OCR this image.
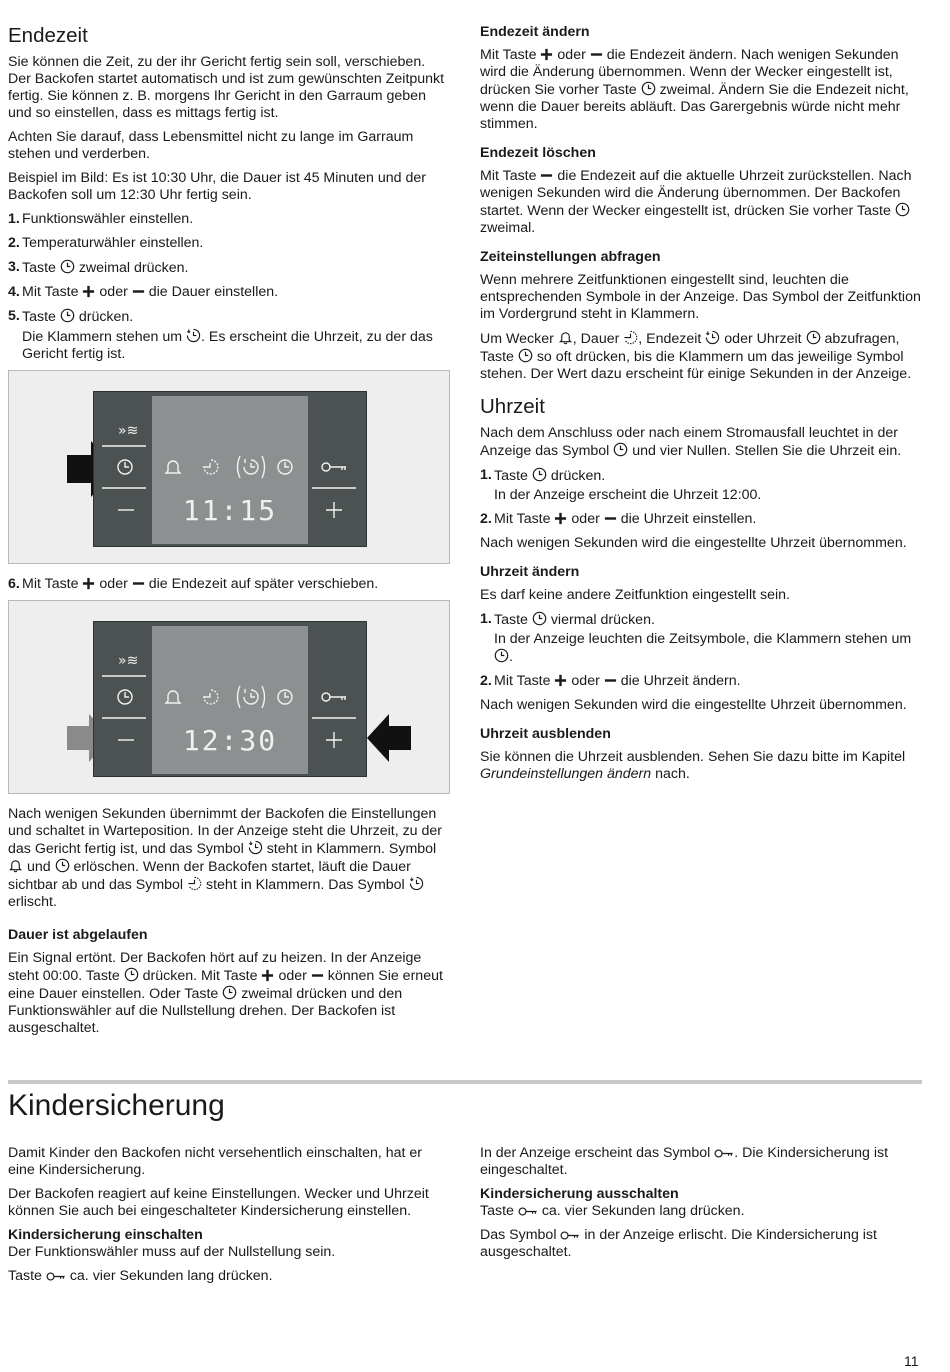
Endezeit

Sie können die Zeit, zu der ihr Gericht fertig sein soll, verschieben. Der Backofen startet automatisch und ist zum gewünschten Zeitpunkt fertig. Sie können z. B. morgens Ihr Gericht in den Garraum geben und so einstellen, dass es mittags fertig ist.

Achten Sie darauf, dass Lebensmittel nicht zu lange im Garraum stehen und verderben.

Beispiel im Bild: Es ist 10:30 Uhr, die Dauer ist 45 Minuten und der Backofen soll um 12:30 Uhr fertig sein.

1. Funktionswähler einstellen.
2. Temperaturwähler einstellen.
3. Taste zweimal drücken.
4. Mit Taste oder die Dauer einstellen.
5. Taste drücken.

Die Klammern stehen um . Es erscheint die Uhrzeit, zu der das Gericht fertig ist.

»≋
11:15
6. Mit Taste oder die Endezeit auf später verschieben.
»≋
12:30

Nach wenigen Sekunden übernimmt der Backofen die Einstellungen und schaltet in Warteposition. In der Anzeige steht die Uhrzeit, zu der das Gericht fertig ist, und das Symbol steht in Klammern. Symbol
und erlöschen. Wenn der Backofen startet, läuft die Dauer sichtbar ab und das Symbol steht in Klammern. Das Symbol
erlischt.

Dauer ist abgelaufen

Ein Signal ertönt. Der Backofen hört auf zu heizen. In der Anzeige steht 00:00. Taste drücken. Mit Taste oder können Sie erneut eine Dauer einstellen. Oder Taste zweimal drücken und den Funktionswähler auf die Nullstellung drehen. Der Backofen ist ausgeschaltet.

Endezeit ändern

Mit Taste oder die Endezeit ändern. Nach wenigen Sekunden wird die Änderung übernommen. Wenn der Wecker eingestellt ist, drücken Sie vorher Taste zweimal. Ändern Sie die Endezeit nicht, wenn die Dauer bereits abläuft. Das Garergebnis würde nicht mehr stimmen.

Endezeit löschen

Mit Taste die Endezeit auf die aktuelle Uhrzeit zurückstellen. Nach wenigen Sekunden wird die Änderung übernommen. Der Backofen startet. Wenn der Wecker eingestellt ist, drücken Sie vorher Taste
zweimal.

Zeiteinstellungen abfragen

Wenn mehrere Zeitfunktionen eingestellt sind, leuchten die entsprechenden Symbole in der Anzeige. Das Symbol der Zeitfunktion im Vordergrund steht in Klammern.

Um Wecker , Dauer , Endezeit oder Uhrzeit abzufragen, Taste so oft drücken, bis die Klammern um das jeweilige Symbol stehen. Der Wert dazu erscheint für einige Sekunden in der Anzeige.

Uhrzeit

Nach dem Anschluss oder nach einem Stromausfall leuchtet in der Anzeige das Symbol und vier Nullen. Stellen Sie die Uhrzeit ein.

1. Taste drücken.

In der Anzeige erscheint die Uhrzeit 12:00.

2. Mit Taste oder die Uhrzeit einstellen.

Nach wenigen Sekunden wird die eingestellte Uhrzeit übernommen.

Uhrzeit ändern

Es darf keine andere Zeitfunktion eingestellt sein.

1. Taste viermal drücken.

In der Anzeige leuchten die Zeitsymbole, die Klammern stehen um
.

2. Mit Taste oder die Uhrzeit ändern.

Nach wenigen Sekunden wird die eingestellte Uhrzeit übernommen.

Uhrzeit ausblenden

Sie können die Uhrzeit ausblenden. Sehen Sie dazu bitte im Kapitel Grundeinstellungen ändern nach.

Kindersicherung

Damit Kinder den Backofen nicht versehentlich einschalten, hat er eine Kindersicherung.

Der Backofen reagiert auf keine Einstellungen. Wecker und Uhrzeit können Sie auch bei eingeschalteter Kindersicherung einstellen.

Kindersicherung einschalten

Der Funktionswähler muss auf der Nullstellung sein.

Taste ca. vier Sekunden lang drücken.

In der Anzeige erscheint das Symbol . Die Kindersicherung ist eingeschaltet.

Kindersicherung ausschalten

Taste ca. vier Sekunden lang drücken.

Das Symbol in der Anzeige erlischt. Die Kindersicherung ist ausgeschaltet.

11
